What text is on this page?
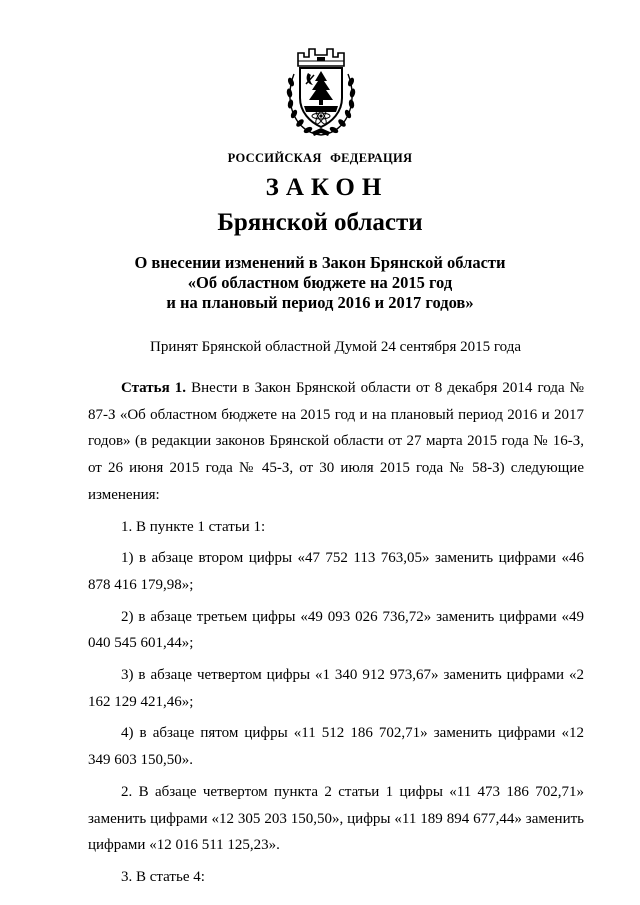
РОССИЙСКАЯ ФЕДЕРАЦИЯ
ЗАКОН
Брянской области
О внесении изменений в Закон Брянской области
«Об областном бюджете на 2015 год
и на плановый период 2016 и 2017 годов»
Принят Брянской областной Думой 24 сентября 2015 года

Статья 1. Внести в Закон Брянской области от 8 декабря 2014 года № 87-З «Об областном бюджете на 2015 год и на плановый период 2016 и 2017 годов» (в редакции законов Брянской области от 27 марта 2015 года № 16-З, от 26 июня 2015 года № 45-З, от 30 июля 2015 года № 58-З) следующие изменения:

1. В пункте 1 статьи 1:

1) в абзаце втором цифры «47 752 113 763,05» заменить цифрами «46 878 416 179,98»;

2) в абзаце третьем цифры «49 093 026 736,72» заменить цифрами «49 040 545 601,44»;

3) в абзаце четвертом цифры «1 340 912 973,67» заменить цифрами «2 162 129 421,46»;

4) в абзаце пятом цифры «11 512 186 702,71» заменить цифрами «12 349 603 150,50».

2. В абзаце четвертом пункта 2 статьи 1 цифры «11 473 186 702,71» заменить цифрами «12 305 203 150,50», цифры «11 189 894 677,44» заменить цифрами «12 016 511 125,23».

3. В статье 4:
